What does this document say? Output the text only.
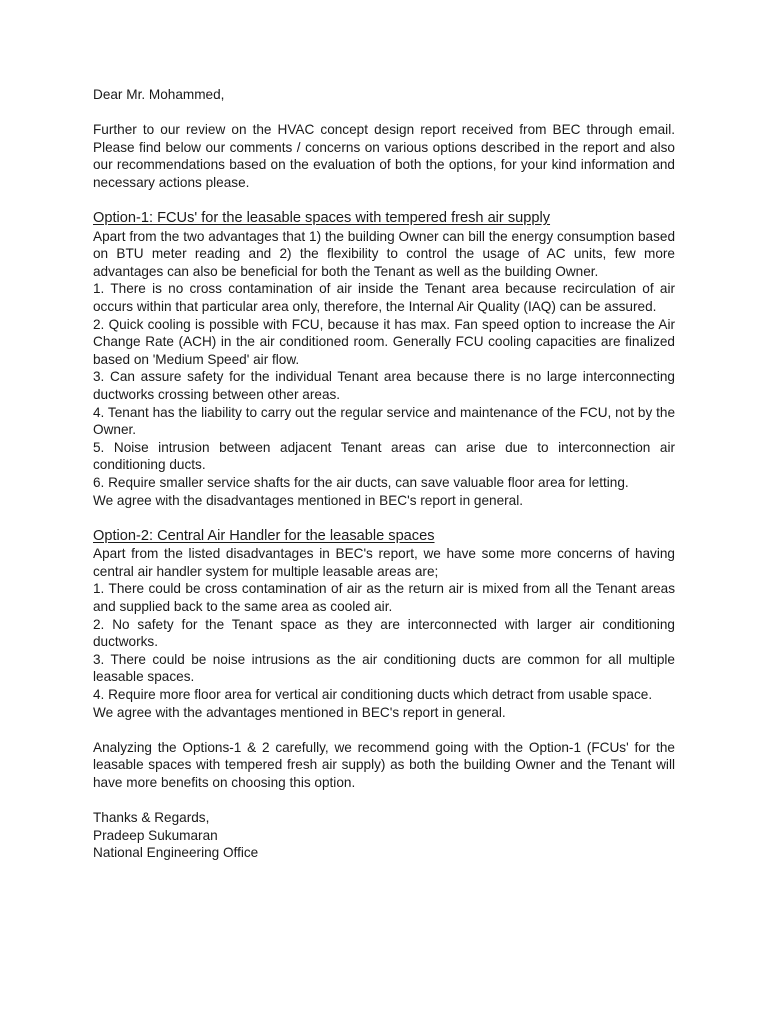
Dear Mr. Mohammed,

Further to our review on the HVAC concept design report received from BEC through email. Please find below our comments / concerns on various options described in the report and also our recommendations based on the evaluation of both the options, for your kind information and necessary actions please.

Option-1: FCUs' for the leasable spaces with tempered fresh air supply

Apart from the two advantages that 1) the building Owner can bill the energy consumption based on BTU meter reading and 2) the flexibility to control the usage of AC units, few more advantages can also be beneficial for both the Tenant as well as the building Owner.

1. There is no cross contamination of air inside the Tenant area because recirculation of air occurs within that particular area only, therefore, the Internal Air Quality (IAQ) can be assured.

2. Quick cooling is possible with FCU, because it has max. Fan speed option to increase the Air Change Rate (ACH) in the air conditioned room. Generally FCU cooling capacities are finalized based on 'Medium Speed' air flow.

3. Can assure safety for the individual Tenant area because there is no large interconnecting ductworks crossing between other areas.

4. Tenant has the liability to carry out the regular service and maintenance of the FCU, not by the Owner.

5. Noise intrusion between adjacent Tenant areas can arise due to interconnection air conditioning ducts.

6. Require smaller service shafts for the air ducts, can save valuable floor area for letting.

We agree with the disadvantages mentioned in BEC's report in general.

Option-2: Central Air Handler for the leasable spaces

Apart from the listed disadvantages in BEC's report, we have some more concerns of having central air handler system for multiple leasable areas are;

1. There could be cross contamination of air as the return air is mixed from all the Tenant areas and supplied back to the same area as cooled air.

2. No safety for the Tenant space as they are interconnected with larger air conditioning ductworks.

3. There could be noise intrusions as the air conditioning ducts are common for all multiple leasable spaces.

4. Require more floor area for vertical air conditioning ducts which detract from usable space.

We agree with the advantages mentioned in BEC's report in general.

Analyzing the Options-1 & 2 carefully, we recommend going with the Option-1 (FCUs' for the leasable spaces with tempered fresh air supply) as both the building Owner and the Tenant will have more benefits on choosing this option.

Thanks & Regards,

Pradeep Sukumaran

National Engineering Office
